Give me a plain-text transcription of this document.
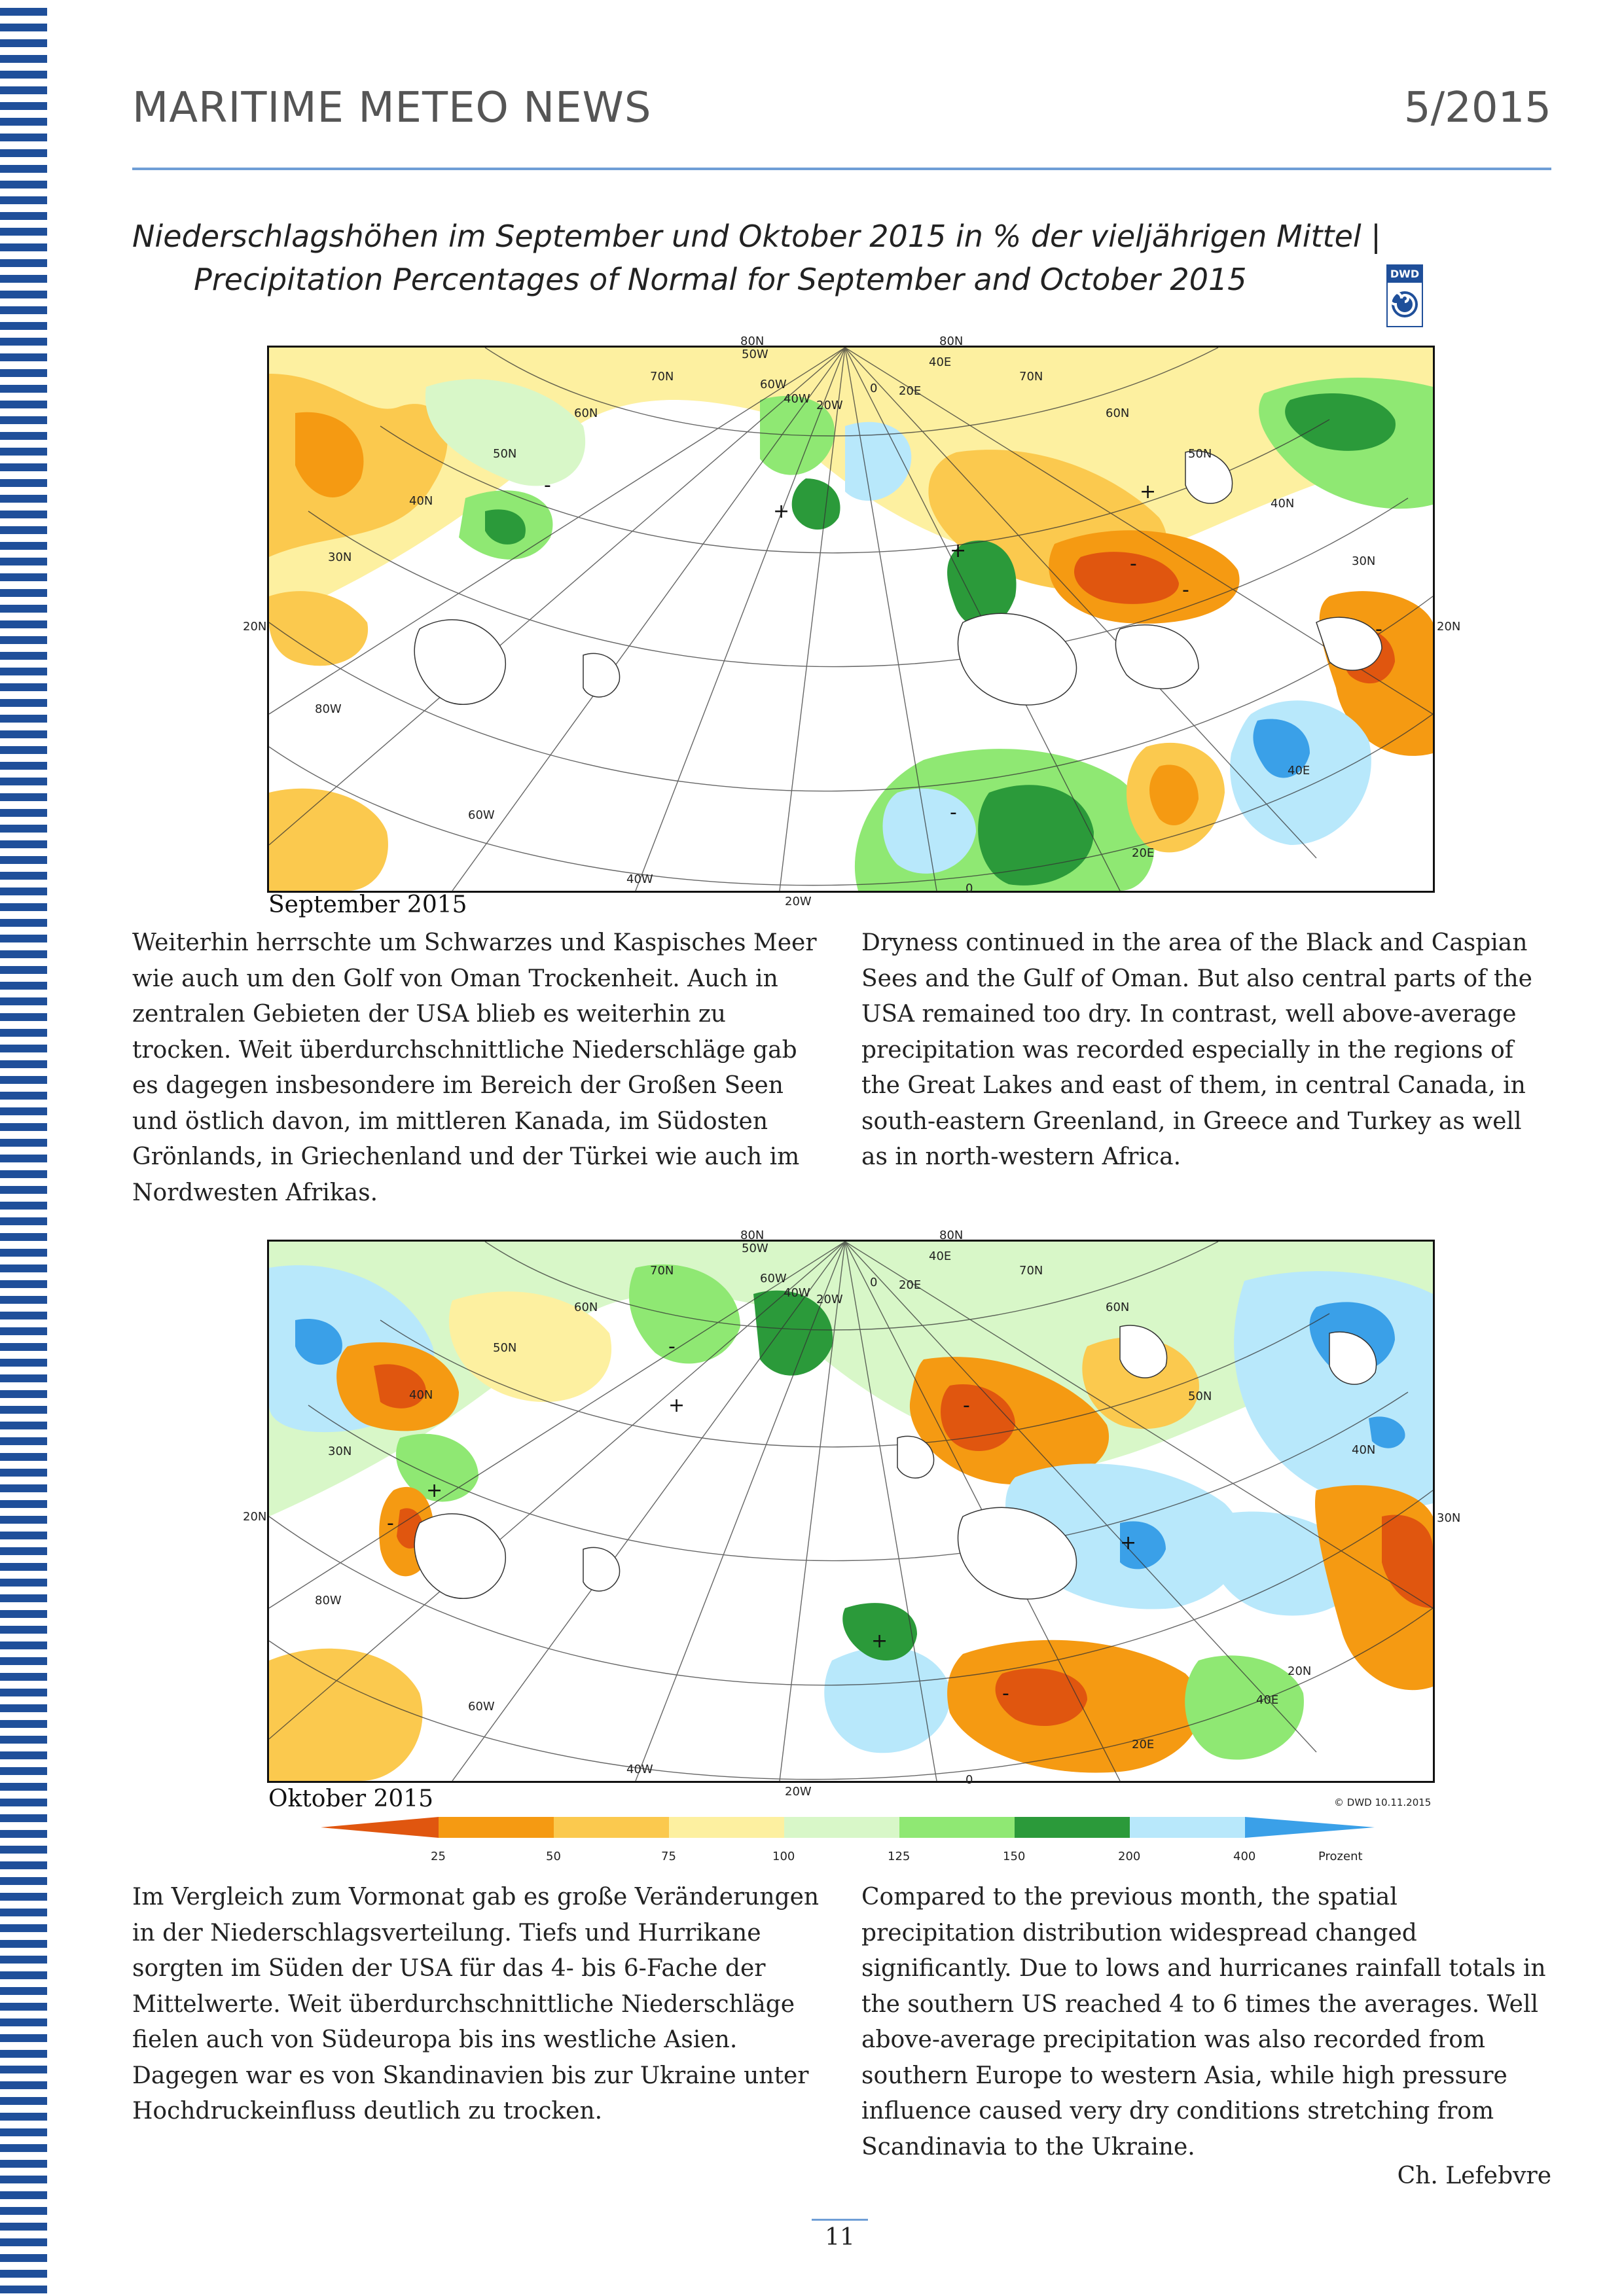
MARITIME METEO NEWS	5/2015
Niederschlagshöhen im September und Oktober 2015 in % der vieljährigen Mittel |
Precipitation Percentages of Normal for September and October 2015	DWD
+
-
-
+
+
-
-
-
80N
70N
60N
50N
40N
30N
20N
80N
70N
60N
50N
40N
30N
20N
80W
60W
40W
20W
0
20E
40E
50W
60W
40W 20W
0 20E
40E
September 2015

Weiterhin herrschte um Schwarzes und Kaspisches Meer wie auch um den Golf von Oman Trockenheit. Auch in zentralen Gebieten der USA blieb es weiterhin zu trocken. Weit überdurchschnittliche Niederschläge gab es dagegen insbesondere im Bereich der Großen Seen und östlich davon, im mittleren Kanada, im Südosten Grönlands, in Griechenland und der Türkei wie auch im Nordwesten Afrikas.

Dryness continued in the area of the Black and Caspian Sees and the Gulf of Oman. But also central parts of the USA remained too dry. In contrast, well above-average precipitation was recorded especially in the regions of the Great Lakes and east of them, in central Canada, in south-eastern Greenland, in Greece and Turkey as well as in north-western Africa.

-
+
+
-
-
+
+
-
80N
70N
60N
50N
40N
30N
20N
80N
70N
60N
50N
40N
30N
20N
80W
60W
40W
20W
0
20E
40E
50W
60W
40W 20W
0 20E
40E
Oktober 2015	© DWD 10.11.2015
25	50	75	100	125	150	200	400	Prozent

Im Vergleich zum Vormonat gab es große Veränderungen in der Niederschlagsverteilung. Tiefs und Hurrikane sorgten im Süden der USA für das 4- bis 6-Fache der Mittelwerte. Weit überdurchschnittliche Niederschläge fielen auch von Südeuropa bis ins westliche Asien. Dagegen war es von Skandinavien bis zur Ukraine unter Hochdruckeinfluss deutlich zu trocken.

Compared to the previous month, the spatial precipitation distribution widespread changed significantly. Due to lows and hurricanes rainfall totals in the southern US reached 4 to 6 times the averages. Well above-average precipitation was also recorded from southern Europe to western Asia, while high pressure influence caused very dry conditions stretching from Scandinavia to the Ukraine.

Ch. Lefebvre
11
